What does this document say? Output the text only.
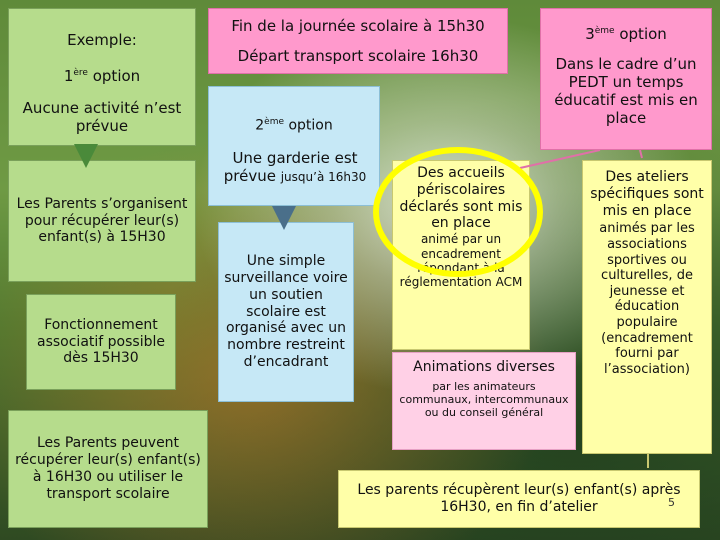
Exemple:
1ère option
Aucune activité n’est prévue
Les Parents s’organisent pour récupérer leur(s) enfant(s) à 15H30
Fonctionnement associatif possible dès 15H30
Les Parents peuvent récupérer leur(s) enfant(s) à 16H30 ou utiliser le transport scolaire
Fin de la journée scolaire à 15h30
Départ transport scolaire 16h30
2ème option
Une garderie est prévue jusqu’à 16h30
Une simple surveillance voire un soutien scolaire est organisé avec un nombre restreint d’encadrant
3ème option
Dans le cadre d’un PEDT un temps éducatif est mis en place
Des accueils périscolaires déclarés sont mis en place
animé par un encadrement répondant à la réglementation ACM
Animations diverses
par les animateurs communaux, intercommunaux ou du conseil général
Des ateliers spécifiques sont mis en place
animés par les associations sportives ou culturelles, de jeunesse et éducation populaire (encadrement fourni par l’association)
Les parents récupèrent leur(s) enfant(s) après 16H30, en fin d’atelier	5
